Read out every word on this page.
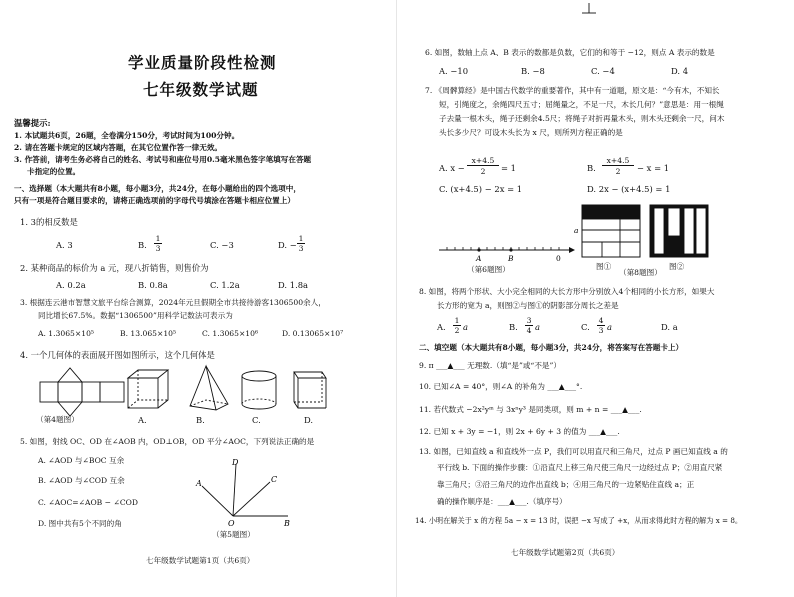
学业质量阶段性检测
七年级数学试题
温馨提示:
1. 本试题共6页，26题，全卷满分150分，考试时间为100分钟。
2. 请在答题卡规定的区域内答题，在其它位置作答一律无效。
3. 作答前，请考生务必将自己的姓名、考试号和座位号用0.5毫米黑色签字笔填写在答题
卡指定的位置。
一、选择题（本大题共有8小题，每小题3分，共24分，在每小题给出的四个选项中，
只有一项是符合题目要求的，请将正确选项前的字母代号填涂在答题卡相应位置上）
1. 3的相反数是
A. 3	B.
1
3	C. −3	D. −
1
3
2. 某种商品的标价为 a 元，现八折销售，则售价为
A. 0.2a	B. 0.8a	C. 1.2a	D. 1.8a
3. 根据连云港市智慧文旅平台综合测算，2024年元旦假期全市共接待游客1306500余人，
同比增长67.5%。数据“1306500”用科学记数法可表示为
A. 1.3065×10⁵	B. 13.065×10⁵	C. 1.3065×10⁶	D. 0.13065×10⁷
4. 一个几何体的表面展开图如图所示，这个几何体是
（第4题图）	A.	B.	C.	D.
5. 如图，射线 OC、OD 在∠AOB 内，OD⊥OB，OD 平分∠AOC，下列说法正确的是
A. ∠AOD 与∠BOC 互余
B. ∠AOD 与∠COD 互余
C. ∠AOC=∠AOB − ∠COD
D. 图中共有5个不同的角
D
C
A
O	B
（第5题图）
七年级数学试题第1页（共6页）
6. 如图，数轴上点 A、B 表示的数都是负数，它们的和等于 −12，则点 A 表示的数是
A. −10	B. −8	C. −4	D. 4
7. 《周髀算经》是中国古代数学的重要著作，其中有一道题，原文是：“今有木，不知长
短，引绳度之，余绳四尺五寸；屈绳量之，不足一尺，木长几何？”意思是：用一根绳
子去量一根木头，绳子还剩余4.5尺；将绳子对折再量木头，则木头还剩余一尺，问木
头长多少尺？可设木头长为 x 尺，则所列方程正确的是
A. x −
x+4.5
2	= 1	B.
x+4.5
2	− x = 1
C. (x+4.5) − 2x = 1	D. 2x − (x+4.5) = 1
A	B	0
（第6题图）
a
图①	图②
（第8题图）
8. 如图，将两个形状、大小完全相同的大长方形中分别放入4个相同的小长方形，如果大
长方形的宽为 a，则图②与图①的阴影部分周长之差是
A.
1
2 a	B.
3
4 a	C.
4
3 a	D. a
二、填空题（本大题共有8小题，每小题3分，共24分，将答案写在答题卡上）
9. π ___▲___ 无理数.（填“是”或“不是”）
10. 已知∠A = 40°，则∠A 的补角为 ___▲___°.
11. 若代数式 −2x²yᵐ 与 3xⁿy³ 是同类项，则 m + n = ___▲___.
12. 已知 x + 3y = −1，则 2x + 6y + 3 的值为 ___▲___.
13. 如图，已知直线 a 和直线外一点 P，我们可以用直尺和三角尺，过点 P 画已知直线 a 的
平行线 b. 下面的操作步骤：①沿直尺上移三角尺使三角尺一边经过点 P；②用直尺紧
靠三角尺；③沿三角尺的边作出直线 b；④用三角尺的一边紧贴住直线 a；正
确的操作顺序是：___▲___.（填序号）
14. 小明在解关于 x 的方程 5a − x = 13 时，误把 −x 写成了 +x，从而求得此时方程的解为 x = 8。
七年级数学试题第2页（共6页）
